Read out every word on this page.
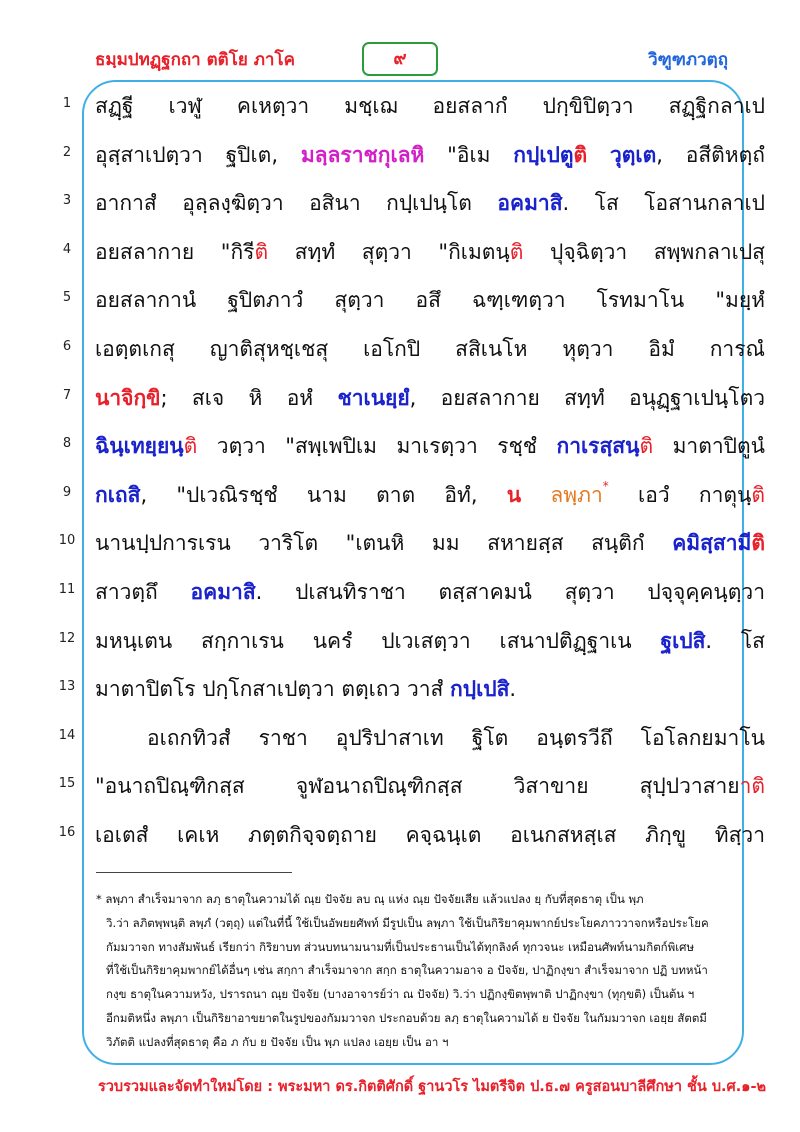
ธมฺมปทฏฺฐกถา ตติโย ภาโค	๙	วิฑูฑภวตฺถุ
1	สฏฺฐี เวฬู คเหตฺวา มชฺเฌ อยสลากํ ปกฺขิปิตฺวา สฏฺฐิกลาเป
2	อุสฺสาเปตฺวา ฐปิเต, มลฺลราชกุเลหิ "อิเม กปฺเปตูติ วุตฺเต, อสีติหตฺถํ
3	อากาสํ อุลฺลงฺฆิตฺวา อสินา กปฺเปนฺโต อคมาสิ. โส โอสานกลาเป
4	อยสลากาย "กิรีติ สทฺทํ สุตฺวา "กิเมตนฺติ ปุจฺฉิตฺวา สพฺพกลาเปสุ
5	อยสลากานํ ฐปิตภาวํ สุตฺวา อสึ ฉฑฺเฑตฺวา โรทมาโน "มยฺหํ
6	เอตฺตเกสุ ญาติสุหชฺเชสุ เอโกปิ สสิเนโห หุตฺวา อิมํ การณํ
7	นาจิกฺขิ; สเจ หิ อหํ ชาเนยฺยํ, อยสลากาย สทฺทํ อนุฏฺฐาเปนฺโตว
8	ฉินฺเทยฺยนฺติ วตฺวา "สพฺเพปิเม มาเรตฺวา รชฺชํ กาเรสฺสนฺติ มาตาปิตูนํ
9	กเถสิ, "ปเวณิรชฺชํ นาม ตาต อิทํ, น ลพฺภา* เอวํ กาตุนฺติ
10 นานปฺปการเรน วาริโต "เตนหิ มม สหายสฺส สนฺติกํ คมิสฺสามีติ
11 สาวตฺถึ อคมาสิ. ปเสนทิราชา ตสฺสาคมนํ สุตฺวา ปจฺจุคฺคนฺตฺวา
12 มหนฺเตน สกฺกาเรน นครํ ปเวเสตฺวา เสนาปติฏฺฐาเน ฐเปสิ. โส
13 มาตาปิตโร ปกฺโกสาเปตฺวา ตตฺเถว วาสํ กปฺเปสิ.
14	อเถกทิวสํ ราชา อุปริปาสาเท ฐิโต อนฺตรวีถึ โอโลกยมาโน
15 "อนาถปิณฺฑิกสฺส จูฬอนาถปิณฺฑิกสฺส วิสาขาย สุปฺปวาสายาติ
16 เอเตสํ เคเห ภตฺตกิจฺจตฺถาย คจฺฉนฺเต อเนกสหสฺเส ภิกฺขู ทิสฺวา
* ลพฺภา สำเร็จมาจาก ลภฺ ธาตุในความได้ ณฺย ปัจจัย ลบ ณฺ แห่ง ณฺย ปัจจัยเสีย แล้วแปลง ยฺ กับที่สุดธาตุ เป็น พฺภ
วิ.ว่า ลภิตพฺพนฺติ ลพฺภํ (วตฺถุ) แต่ในที่นี้ ใช้เป็นอัพยยศัพท์ มีรูปเป็น ลพฺภา ใช้เป็นกิริยาคุมพากย์ประโยคภาววาจกหรือประโยค
กัมมวาจก ทางสัมพันธ์ เรียกว่า กิริยาบท ส่วนบทนามนามที่เป็นประธานเป็นได้ทุกลิงค์ ทุกวจนะ เหมือนศัพท์นามกิตก์พิเศษ
ที่ใช้เป็นกิริยาคุมพากย์ได้อื่นๆ เช่น สกฺกา สำเร็จมาจาก สกฺก ธาตุในความอาจ อ ปัจจัย, ปาฏิกงฺขา สำเร็จมาจาก ปฏิ บทหน้า
กงฺข ธาตุในความหวัง, ปรารถนา ณฺย ปัจจัย (บางอาจารย์ว่า ณ ปัจจัย) วิ.ว่า ปฏิกงฺขิตพฺพาติ ปาฏิกงฺขา (ทุกฺขติ) เป็นต้น ฯ
อีกมติหนึ่ง ลพฺภา เป็นกิริยาอาขยาตในรูปของกัมมวาจก ประกอบด้วย ลภฺ ธาตุในความได้ ย ปัจจัย ในกัมมวาจก เอยฺย สัตตมี
วิภัตติ แปลงที่สุดธาตุ คือ ภ กับ ย ปัจจัย เป็น พฺภ แปลง เอยฺย เป็น อา ฯ
รวบรวมและจัดทำใหม่โดย : พระมหา ดร.กิตติศักดิ์ ฐานวโร ไมตรีจิต ป.ธ.๗ ครูสอนบาลีศึกษา ชั้น บ.ศ.๑-๒
